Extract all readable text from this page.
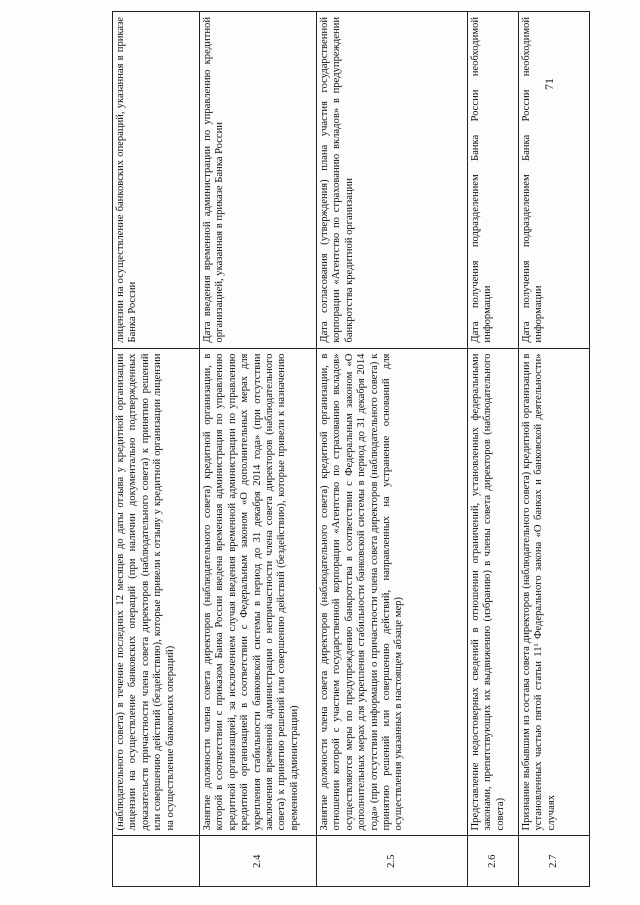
71
	(наблюдательного совета) в течение последних 12 месяцев до даты отзыва у кредитной организации лицензии на осуществление банковских операций (при наличии документально подтвержденных доказательств причастности члена совета директоров (наблюдательного совета) к принятию решений или совершению действий (бездействию), которые привели к отзыву у кредитной организации лицензии на осуществление банковских операций)	лицензии на осуществление банковских операций, указанная в приказе Банка России
2.4	Занятие должности члена совета директоров (наблюдательного совета) кредитной организации, в которой в соответствии с приказом Банка России введена временная администрация по управлению кредитной организацией, за исключением случая введения временной администрации по управлению кредитной организацией в соответствии с Федеральным законом «О дополнительных мерах для укрепления стабильности банковской системы в период до 31 декабря 2014 года» (при отсутствии заключения временной администрации о непричастности члена совета директоров (наблюдательного совета) к принятию решений или совершению действий (бездействию), которые привели к назначению временной администрации)	Дата введения временной администрации по управлению кредитной организацией, указанная в приказе Банка России
2.5	Занятие должности члена совета директоров (наблюдательного совета) кредитной организации, в отношении которой с участием государственной корпорации «Агентство по страхованию вкладов» осуществляются меры по предупреждению банкротства в соответствии с Федеральным законом «О дополнительных мерах для укрепления стабильности банковской системы в период до 31 декабря 2014 года» (при отсутствии информации о причастности члена совета директоров (наблюдательного совета) к принятию решений или совершению действий, направленных на устранение оснований для осуществления указанных в настоящем абзаце мер)	Дата согласования (утверждения) плана участия государственной корпорации «Агентство по страхованию вкладов» в предупреждении банкротства кредитной организации
2.6	Представление недостоверных сведений в отношении ограничений, установленных федеральными законами, препятствующих их выдвижению (избранию) в члены совета директоров (наблюдательного совета)	Дата получения подразделением Банка России необходимой информации
2.7	Признание выбывшим из состава совета директоров (наблюдательного совета) кредитной организации в установленных частью пятой статьи 11¹ Федерального закона «О банках и банковской деятельности» случаях	Дата получения подразделением Банка России необходимой информации
